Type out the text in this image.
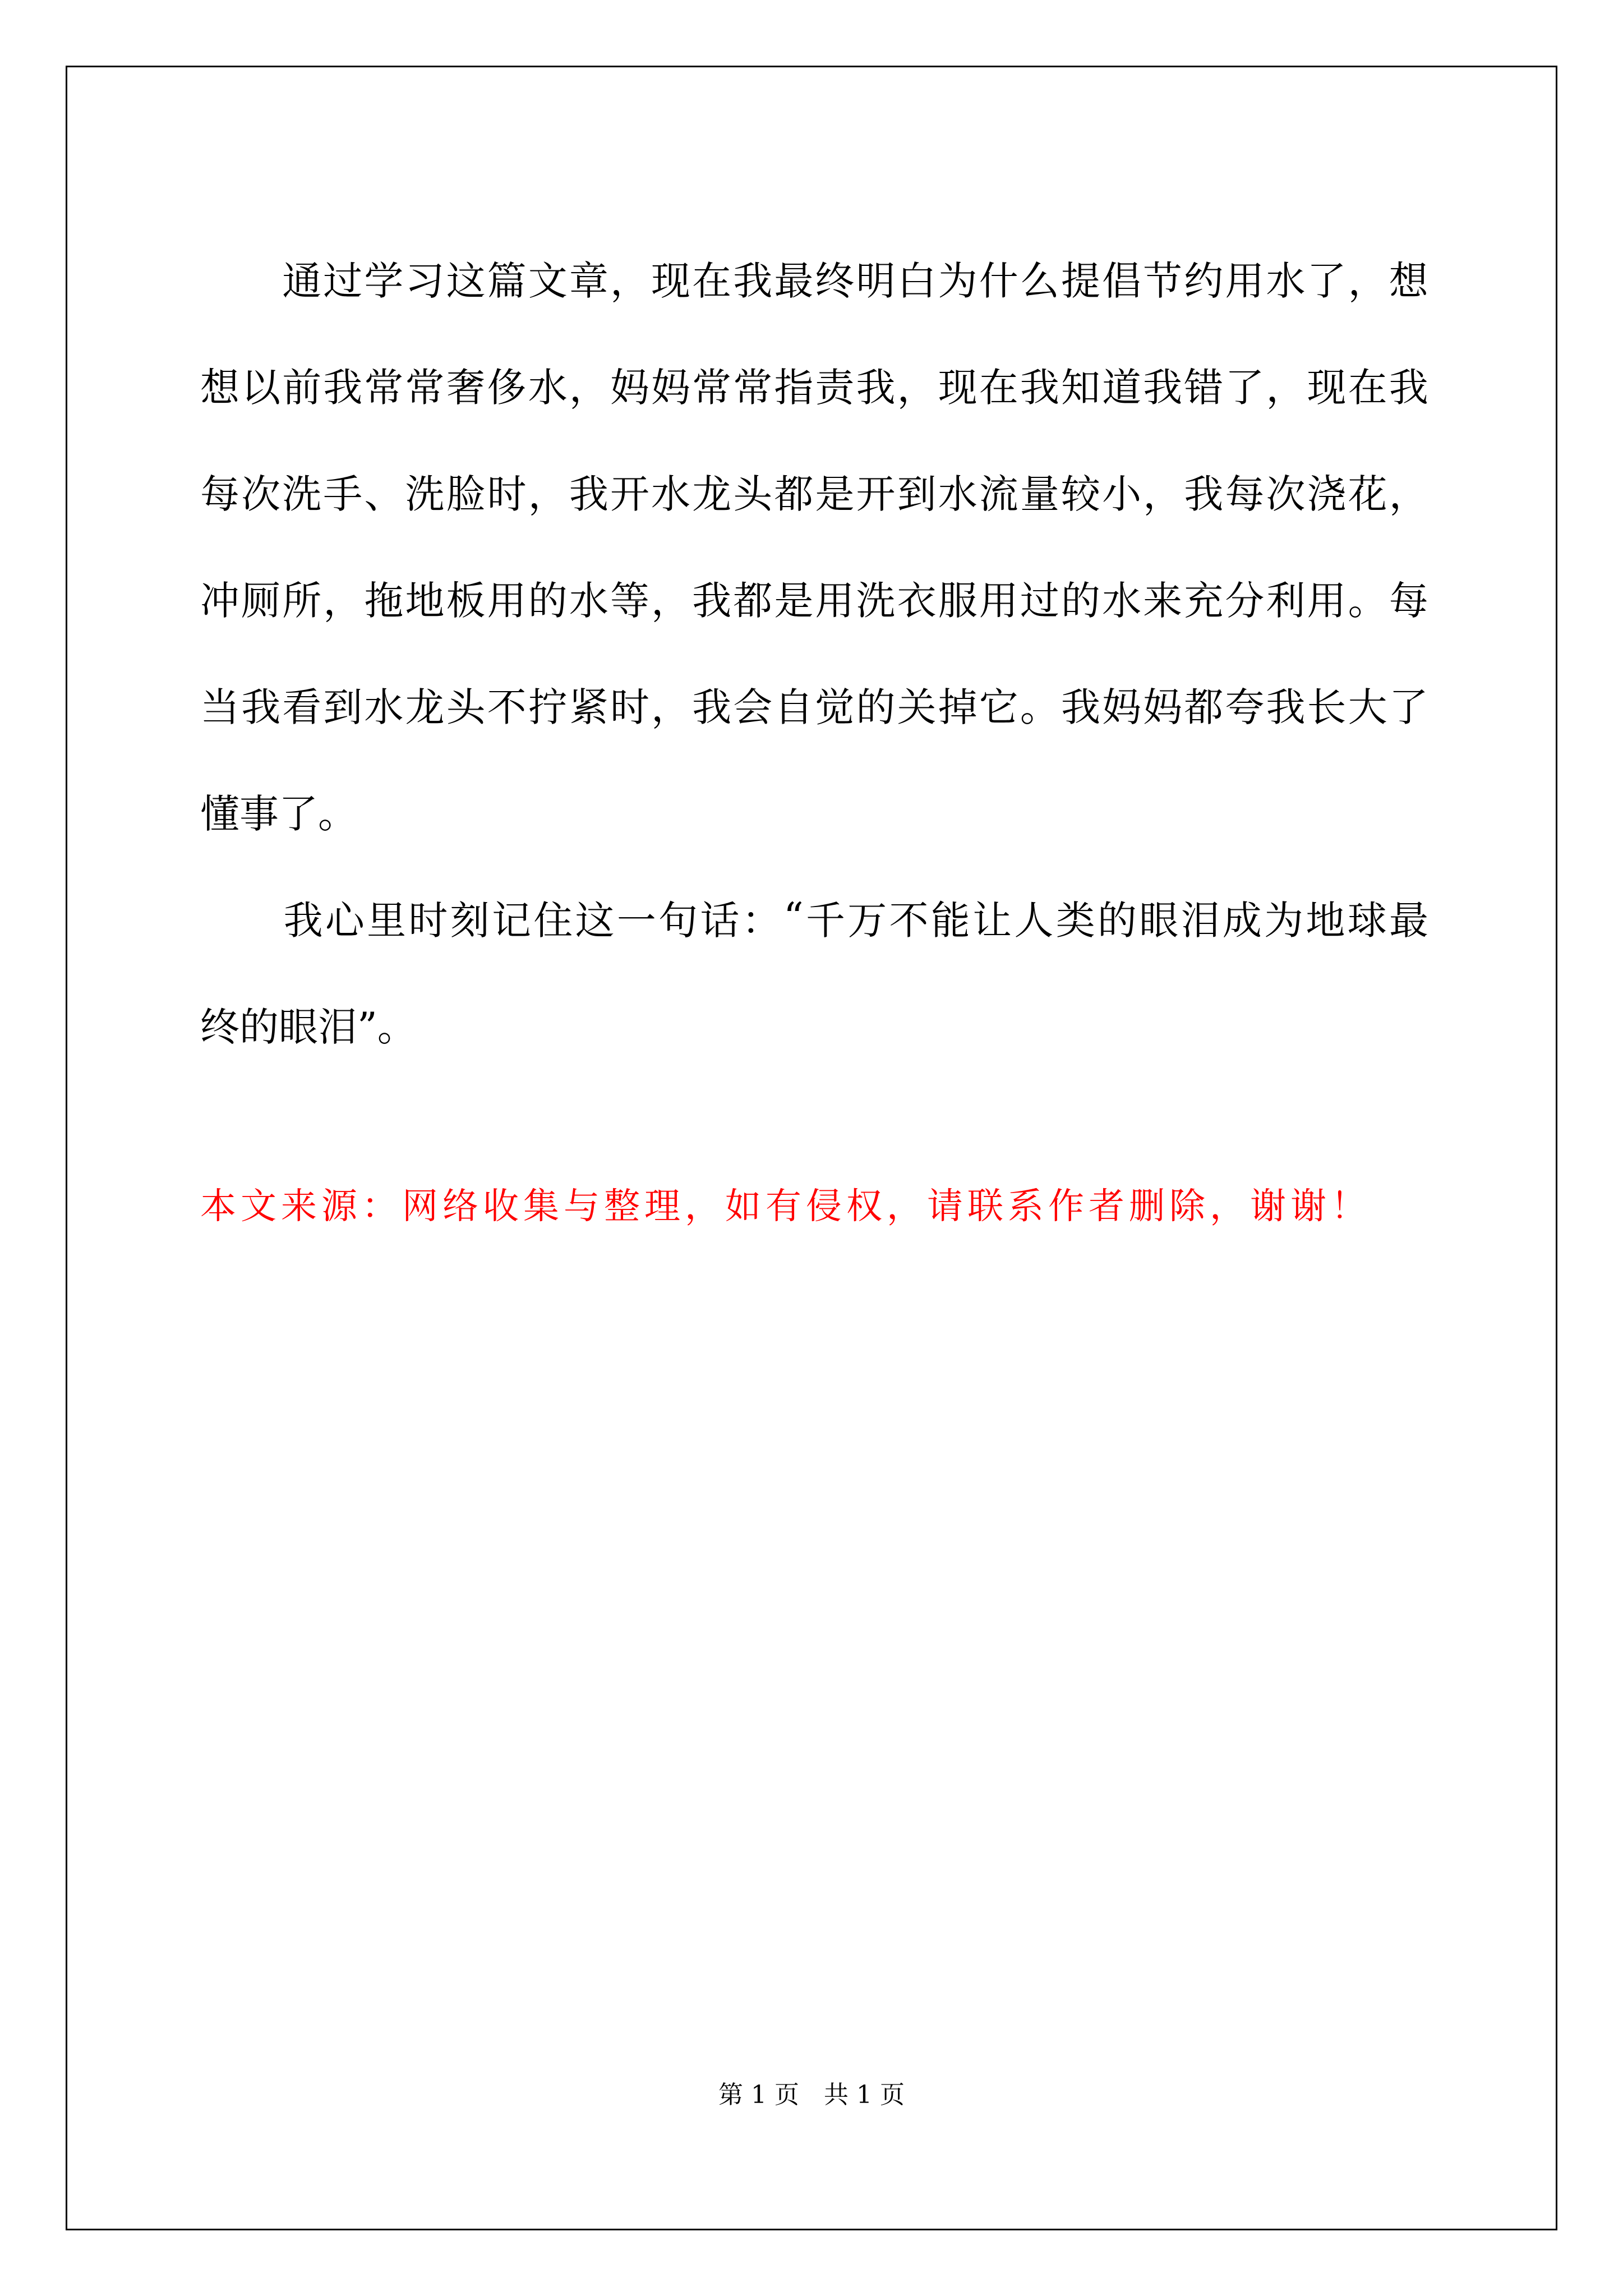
通 过 学 习 这 篇 文 章 ， 现 在 我 最 终 明 白 为 什 么 提 倡 节 约 用 水 了 ， 想
想 以 前 我 常 常 奢 侈 水 ， 妈 妈 常 常 指 责 我 ， 现 在 我 知 道 我 错 了 ， 现 在 我
每 次 洗 手 、 洗 脸 时 ， 我 开 水 龙 头 都 是 开 到 水 流 量 较 小 ， 我 每 次 浇 花 ，
冲 厕 所 ， 拖 地 板 用 的 水 等 ， 我 都 是 用 洗 衣 服 用 过 的 水 来 充 分 利 用 。 每
当 我 看 到 水 龙 头 不 拧 紧 时 ， 我 会 自 觉 的 关 掉 它 。 我 妈 妈 都 夸 我 长 大 了
懂事了。

我 心 里 时 刻 记 住 这 一 句 话 ： “ 千 万 不 能 让 人 类 的 眼 泪 成 为 地 球 最
终的眼泪”。
本文来源：网络收集与整理，如有侵权，请联系作者删除，谢谢！
第 1 页　共 1 页
